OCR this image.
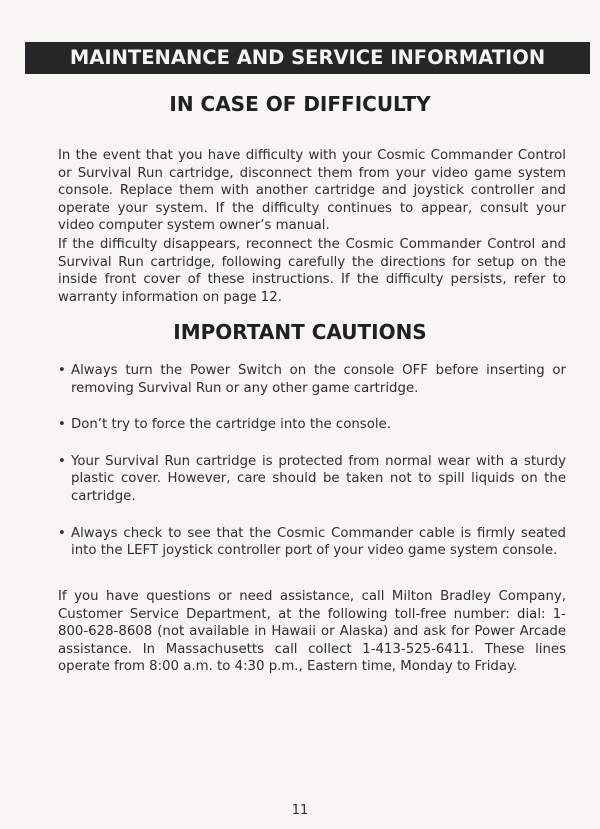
MAINTENANCE AND SERVICE INFORMATION
IN CASE OF DIFFICULTY
In the event that you have difficulty with your Cosmic Commander Control or Survival Run cartridge, disconnect them from your video game system console. Replace them with another cartridge and joystick controller and operate your system. If the difficulty continues to appear, consult your video computer system owner’s manual.
If the difficulty disappears, reconnect the Cosmic Commander Control and Survival Run cartridge, following carefully the directions for setup on the inside front cover of these instructions. If the difficulty persists, refer to warranty information on page 12.
IMPORTANT CAUTIONS
• Always turn the Power Switch on the console OFF before inserting or removing Survival Run or any other game cartridge.
• Don’t try to force the cartridge into the console.
• Your Survival Run cartridge is protected from normal wear with a sturdy plastic cover. However, care should be taken not to spill liquids on the cartridge.
• Always check to see that the Cosmic Commander cable is firmly seated into the LEFT joystick controller port of your video game system console.
If you have questions or need assistance, call Milton Bradley Company, Customer Service Department, at the following toll-free number: dial: 1-800-628-8608 (not available in Hawaii or Alaska) and ask for Power Arcade assistance. In Massachusetts call collect 1-413-525-6411. These lines operate from 8:00 a.m. to 4:30 p.m., Eastern time, Monday to Friday.
11
